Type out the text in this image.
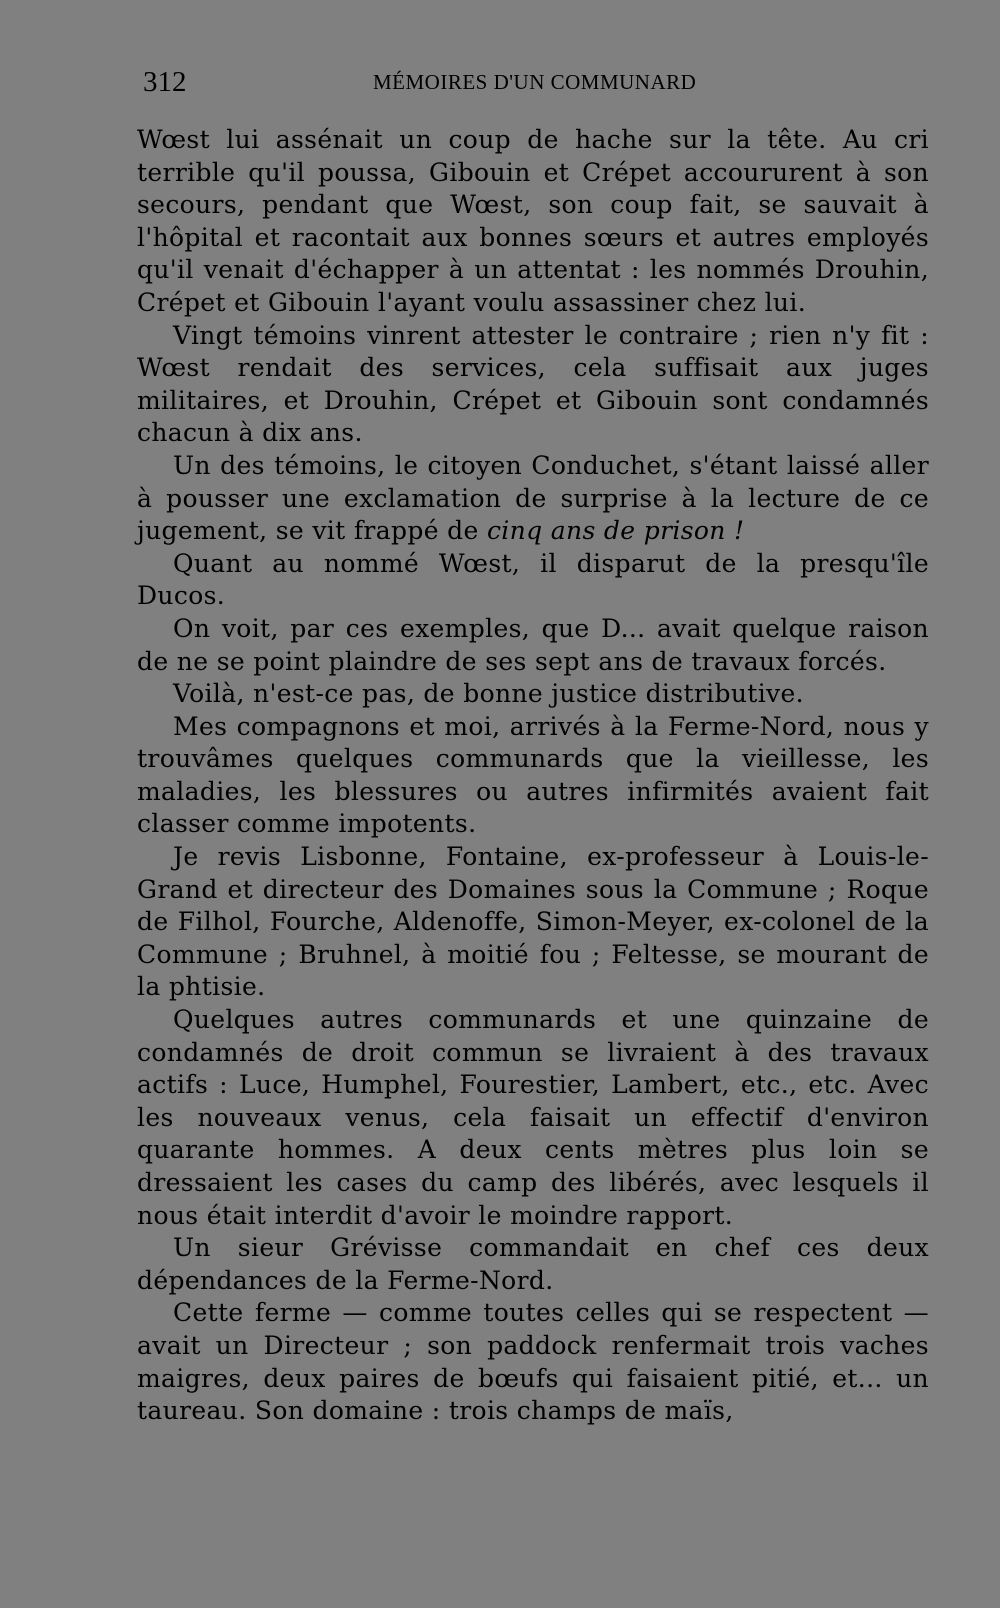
312	MÉMOIRES D'UN COMMUNARD

Wœst lui assénait un coup de hache sur la tête. Au cri terrible qu'il poussa, Gibouin et Crépet accoururent à son secours, pendant que Wœst, son coup fait, se sauvait à l'hôpital et racontait aux bonnes sœurs et autres employés qu'il venait d'échapper à un attentat : les nommés Drouhin, Crépet et Gibouin l'ayant voulu assassiner chez lui.

Vingt témoins vinrent attester le contraire ; rien n'y fit : Wœst rendait des services, cela suffisait aux juges militaires, et Drouhin, Crépet et Gibouin sont condamnés chacun à dix ans.

Un des témoins, le citoyen Conduchet, s'étant laissé aller à pousser une exclamation de surprise à la lecture de ce jugement, se vit frappé de cinq ans de prison !

Quant au nommé Wœst, il disparut de la presqu'île Ducos.

On voit, par ces exemples, que D... avait quelque raison de ne se point plaindre de ses sept ans de travaux forcés.

Voilà, n'est-ce pas, de bonne justice distributive.

Mes compagnons et moi, arrivés à la Ferme-Nord, nous y trouvâmes quelques communards que la vieillesse, les maladies, les blessures ou autres infirmités avaient fait classer comme impotents.

Je revis Lisbonne, Fontaine, ex-professeur à Louis-le-Grand et directeur des Domaines sous la Commune ; Roque de Filhol, Fourche, Aldenoffe, Simon-Meyer, ex-colonel de la Commune ; Bruhnel, à moitié fou ; Feltesse, se mourant de la phtisie.

Quelques autres communards et une quinzaine de condamnés de droit commun se livraient à des travaux actifs : Luce, Humphel, Fourestier, Lambert, etc., etc. Avec les nouveaux venus, cela faisait un effectif d'environ quarante hommes. A deux cents mètres plus loin se dressaient les cases du camp des libérés, avec lesquels il nous était interdit d'avoir le moindre rapport.

Un sieur Grévisse commandait en chef ces deux dépendances de la Ferme-Nord.

Cette ferme — comme toutes celles qui se respectent — avait un Directeur ; son paddock renfermait trois vaches maigres, deux paires de bœufs qui faisaient pitié, et... un taureau. Son domaine : trois champs de maïs,
